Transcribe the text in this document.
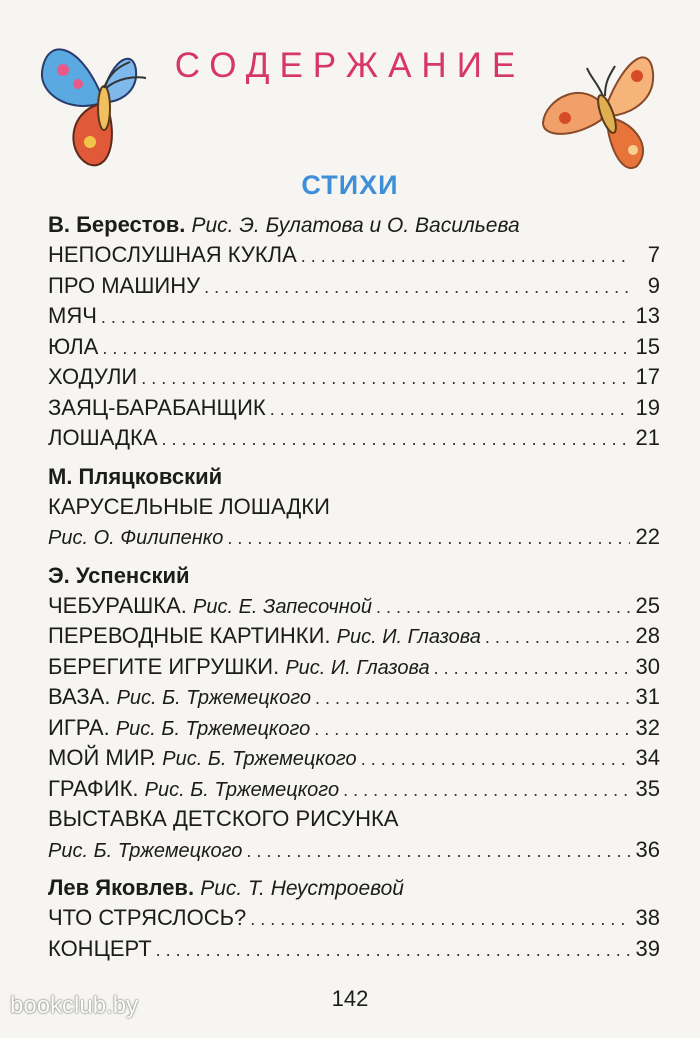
СОДЕРЖАНИЕ
СТИХИ
В. Берестов. Рис. Э. Булатова и О. Васильева
НЕПОСЛУШНАЯ КУКЛА . . .	7
ПРО МАШИНУ . . .	9
МЯЧ . . .	13
ЮЛА . . .	15
ХОДУЛИ . . .	17
ЗАЯЦ-БАРАБАНЩИК . . .	19
ЛОШАДКА . . .	21
М. Пляцковский
КАРУСЕЛЬНЫЕ ЛОШАДКИ
Рис. О. Филипенко . . .	22
Э. Успенский
ЧЕБУРАШКА. Рис. Е. Запесочной . . .	25
ПЕРЕВОДНЫЕ КАРТИНКИ. Рис. И. Глазова . . .	28
БЕРЕГИТЕ ИГРУШКИ. Рис. И. Глазова . . .	30
ВАЗА. Рис. Б. Тржемецкого . . .	31
ИГРА. Рис. Б. Тржемецкого . . .	32
МОЙ МИР. Рис. Б. Тржемецкого . . .	34
ГРАФИК. Рис. Б. Тржемецкого . . .	35
ВЫСТАВКА ДЕТСКОГО РИСУНКА
Рис. Б. Тржемецкого . . .	36
Лев Яковлев. Рис. Т. Неустроевой
ЧТО СТРЯСЛОСЬ? . . .	38
КОНЦЕРТ . . .	39
142
bookclub.by
